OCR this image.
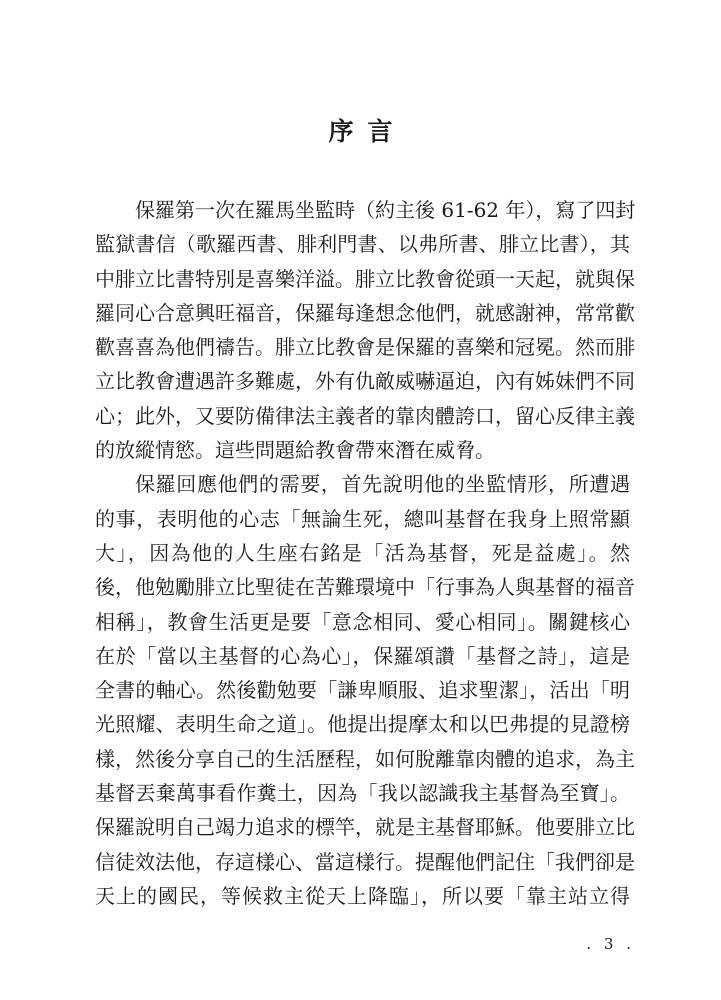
序言
保羅第一次在羅馬坐監時（約主後 61-62 年），寫了四封
監獄書信（歌羅西書、腓利門書、以弗所書、腓立比書），其
中腓立比書特別是喜樂洋溢。腓立比教會從頭一天起，就與保
羅同心合意興旺福音，保羅每逢想念他們，就感謝神，常常歡
歡喜喜為他們禱告。腓立比教會是保羅的喜樂和冠冕。然而腓
立比教會遭遇許多難處，外有仇敵威嚇逼迫，內有姊妹們不同
心；此外，又要防備律法主義者的靠肉體誇口，留心反律主義
的放縱情慾。這些問題給教會帶來潛在威脅。
保羅回應他們的需要，首先說明他的坐監情形，所遭遇
的事，表明他的心志「無論生死，總叫基督在我身上照常顯
大」，因為他的人生座右銘是「活為基督，死是益處」。然
後，他勉勵腓立比聖徒在苦難環境中「行事為人與基督的福音
相稱」，教會生活更是要「意念相同、愛心相同」。關鍵核心
在於「當以主基督的心為心」，保羅頌讚「基督之詩」，這是
全書的軸心。然後勸勉要「謙卑順服、追求聖潔」，活出「明
光照耀、表明生命之道」。他提出提摩太和以巴弗提的見證榜
樣，然後分享自己的生活歷程，如何脫離靠肉體的追求，為主
基督丟棄萬事看作糞土，因為「我以認識我主基督為至寶」。
保羅說明自己竭力追求的標竿，就是主基督耶穌。他要腓立比
信徒效法他，存這樣心、當這樣行。提醒他們記住「我們卻是
天上的國民，等候救主從天上降臨」，所以要「靠主站立得
. 3 .
